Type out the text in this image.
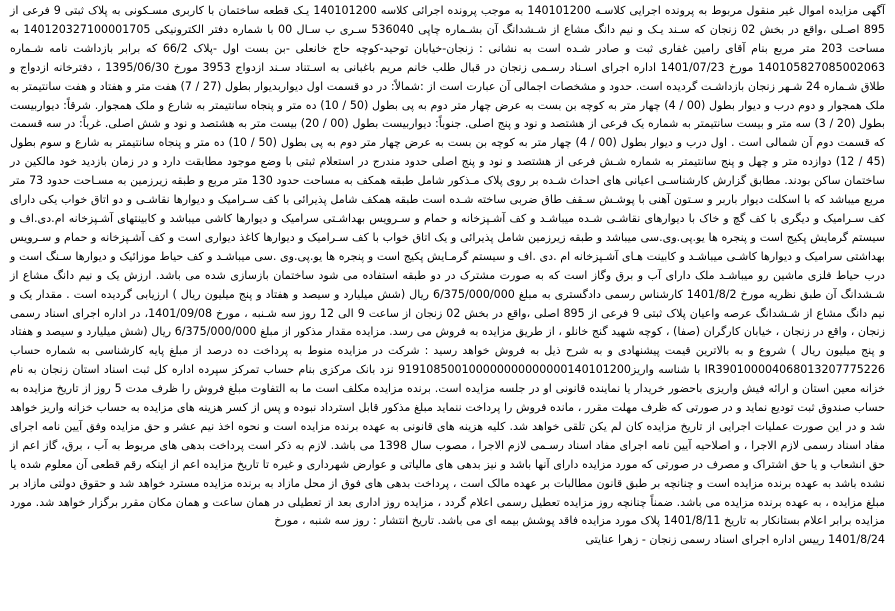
آگهی مزایده اموال غیر منقول مربوط به پرونده اجرایی کلاسـه 140101200 به موجب پرونده اجرائی کلاسه 140101200 یـک قطعه ساختمان با کاربری مسـکونی به پلاک ثبتی 9 فرعی از 895 اصـلی ،واقع در بخش 02 زنجان که سـند یـک و نیم دانگ مشاع از شـشدانگ آن بشـماره چاپی 536040 سـری ب سـال 00 با شماره دفتر الکترونیکی 140120327100001705 به مساحت 203 متر مربع بنام آقای رامین غفاری ثبت و صادر شـده است به نشانی : زنجان-خیابان توحید-کوچه حاج خانعلی -بن بست اول -پلاک 66/2 که برابر بازداشت نامه شـماره 140105827085002063 مورخ 1401/07/23 اداره اجرای اسـناد رسـمی زنجان در قبال طلب خانم مریم باغبانی به اسـتناد سـند ازدواج 3953 مورخ 1395/06/30 ، دفترخانه ازدواج و طلاق شـماره 24 شـهر زنجان بازداشـت گردیده است. حدود و مشخصات اجمالی آن عبارت است از :شمالاً: در دو قسمت اول دیواربدیوار بطول (27 / 7) هفت متر و هفتاد و هفت سانتیمتر به ملک همجوار و دوم درب و دیوار بطول (00 / 4) چهار متر به کوچه بن بست به عرض چهار متر دوم به پی بطول (50 / 10) ده متر و پنجاه سانتیمتر به شارع و ملک همجوار. شرقاً: دیواربیست بطول (20 / 3) سه متر و بیست سانتیمتر به شماره یک فرعی از هشتصد و نود و پنج اصلی. جنوباً: دیواربیست بطول (00 / 20) بیست متر به هشتصد و نود و شش اصلی. غرباً: در سه قسمت که قسمت دوم آن شمالی است . اول درب و دیوار بطول (00 / 4) چهار متر به کوچه بن بست به عرض چهار متر دوم به پی بطول (50 / 10) ده متر و پنجاه سانتیمتر به شارع و سوم بطول (45 / 12) دوازده متر و چهل و پنج سانتیمتر به شماره شـش فرعی از هشتصد و نود و پنج اصلی حدود مندرج در استعلام ثبتی با وضع موجود مطابقت دارد و در زمان بازدید خود مالکین در ساختمان ساکن بودند. مطابق گزارش کارشناسـی اعیانی های احداث شـده بر روی پلاک مـذکور شامل طبقه همکف به مساحت حدود 130 متر مربع و طبقه زیرزمین به مسـاحت حدود 73 متر مربع میباشد که با اسکلت دیوار باربر و سـتون آهنی با پوشـش سـقف طاق ضربی ساخته شـده است طبقه همکف شامل پذیرائی با کف سـرامیک و دیوارها نقاشـی و دو اتاق خواب یکی دارای کف سـرامیک و دیگری با کف گچ و خاک با دیوارهای نقاشـی شـده میباشـد و کف آشـپزخانه و حمام و سـرویس بهداشـتی سرامیک و دیوارها کاشی میباشد و کابینتهای آشـپزخانه ام.دی.اف و سیستم گرمایش پکیج است و پنجره ها یو.پی.وی.سی میباشد و طبقه زیرزمین شامل پذیرائی و یک اتاق خواب با کف سـرامیک و دیوارها کاغذ دیواری است و کف آشـپزخانه و حمام و سـرویس بهداشتی سرامیک و دیوارها کاشـی میباشـد و کابینت هـای آشـپزخانه ام .دی .اف و سیستم گرمـایش پکیج است و پنجره ها یو.پی.وی .سی میباشـد و کف حیاط موزائیک و دیوارها سـنگ است و درب حیاط فلزی ماشین رو میباشـد ملک دارای آب و برق وگاز است که به صورت مشترک در دو طبقه استفاده می شود ساختمان بازسازی شده می باشد. ارزش یک و نیم دانگ مشاع از شـشدانگ آن طبق نظریه مورخ 1401/8/2 کارشناس رسمی دادگستری به مبلغ 6/375/000/000 ریال (شش میلیارد و سیصد و هفتاد و پنج میلیون ریال ) ارزیابی گردیده است . مقدار یک و نیم دانگ مشاع از شـشدانگ عرصه واعیان پلاک ثبتی 9 فرعی از 895 اصلی ،واقع در بخش 02 زنجان از ساعت 9 الی 12 روز سه شـنبه ، مورخ 1401/09/08، در اداره اجرای اسناد رسمی زنجان ، واقع در زنجان ، خیابان کارگران (صفا) ، کوچه شهید گنج خانلو ، از طریق مزایده به فروش می رسد. مزایده مقدار مذکور از مبلغ 6/375/000/000 ریال (شش میلیارد و سیصد و هفتاد و پنج میلیون ریال ) شروع و به بالاترین قیمت پیشنهادی و به شرح ذیل به فروش خواهد رسید : شرکت در مزایده منوط به پرداخت ده درصد از مبلغ پایه کارشناسی به شماره حساب IR390100004068013207775226 با شناسه واریز919108500100000000000000140101200 نزد بانک مرکزی بنام حساب تمرکز سپرده اداره کل ثبت اسناد استان زنجان به نام خزانه معین استان و ارائه فیش واریزی باحضور خریدار یا نماینده قانونی او در جلسه مزایده است. برنده مزایده مکلف است ما به التفاوت مبلغ فروش را ظرف مدت 5 روز از تاریخ مزایده به حساب صندوق ثبت تودیع نماید و در صورتی که ظرف مهلت مقرر ، مانده فروش را پرداخت ننماید مبلغ مذکور قابل استرداد نبوده و پس از کسر هزینه های مزایده به حساب خزانه واریز خواهد شد و در این صورت عملیات اجرایی از تاریخ مزایده کان لم یکن تلقی خواهد شد. کلیه هزینه های قانونی به عهده برنده مزایده است و نحوه اخذ نیم عشر و حق مزایده وفق آیین نامه اجرای مفاد اسناد رسمی لازم الاجرا ، و اصلاحیه آیین نامه اجرای مفاد اسناد رسـمی لازم الاجرا ، مصوب سال 1398 می باشد. لازم به ذکر است پرداخت بدهی های مربوط به آب ، برق، گاز اعم از حق انشعاب و یا حق اشتراک و مصرف در صورتی که مورد مزایده دارای آنها باشد و نیز بدهی های مالیاتی و عوارض شهرداری و غیره تا تاریخ مزایده اعم از اینکه رقم قطعی آن معلوم شده یا نشده باشد به عهده برنده مزایده است و چنانچه بر طبق قانون مطالبات بر عهده مالک است ، پرداخت بدهی های فوق از محل مازاد به برنده مزایده مسترد خواهد شد و حقوق دولتی مازاد بر مبلغ مزایده ، به عهده برنده مزایده می باشد. ضمناً چنانچه روز مزایده تعطیل رسمی اعلام گردد ، مزایده روز اداری بعد از تعطیلی در همان ساعت و همان مکان مقرر برگزار خواهد شد. مورد مزایده برابر اعلام بستانکار به تاریخ 1401/8/11 پلاک مورد مزایده فاقد پوشش بیمه ای می باشد. تاریخ انتشار : روز سه شنبه ، مورخ

1401/8/24 رییس اداره اجرای اسناد رسمی زنجان - زهرا عنایتی
